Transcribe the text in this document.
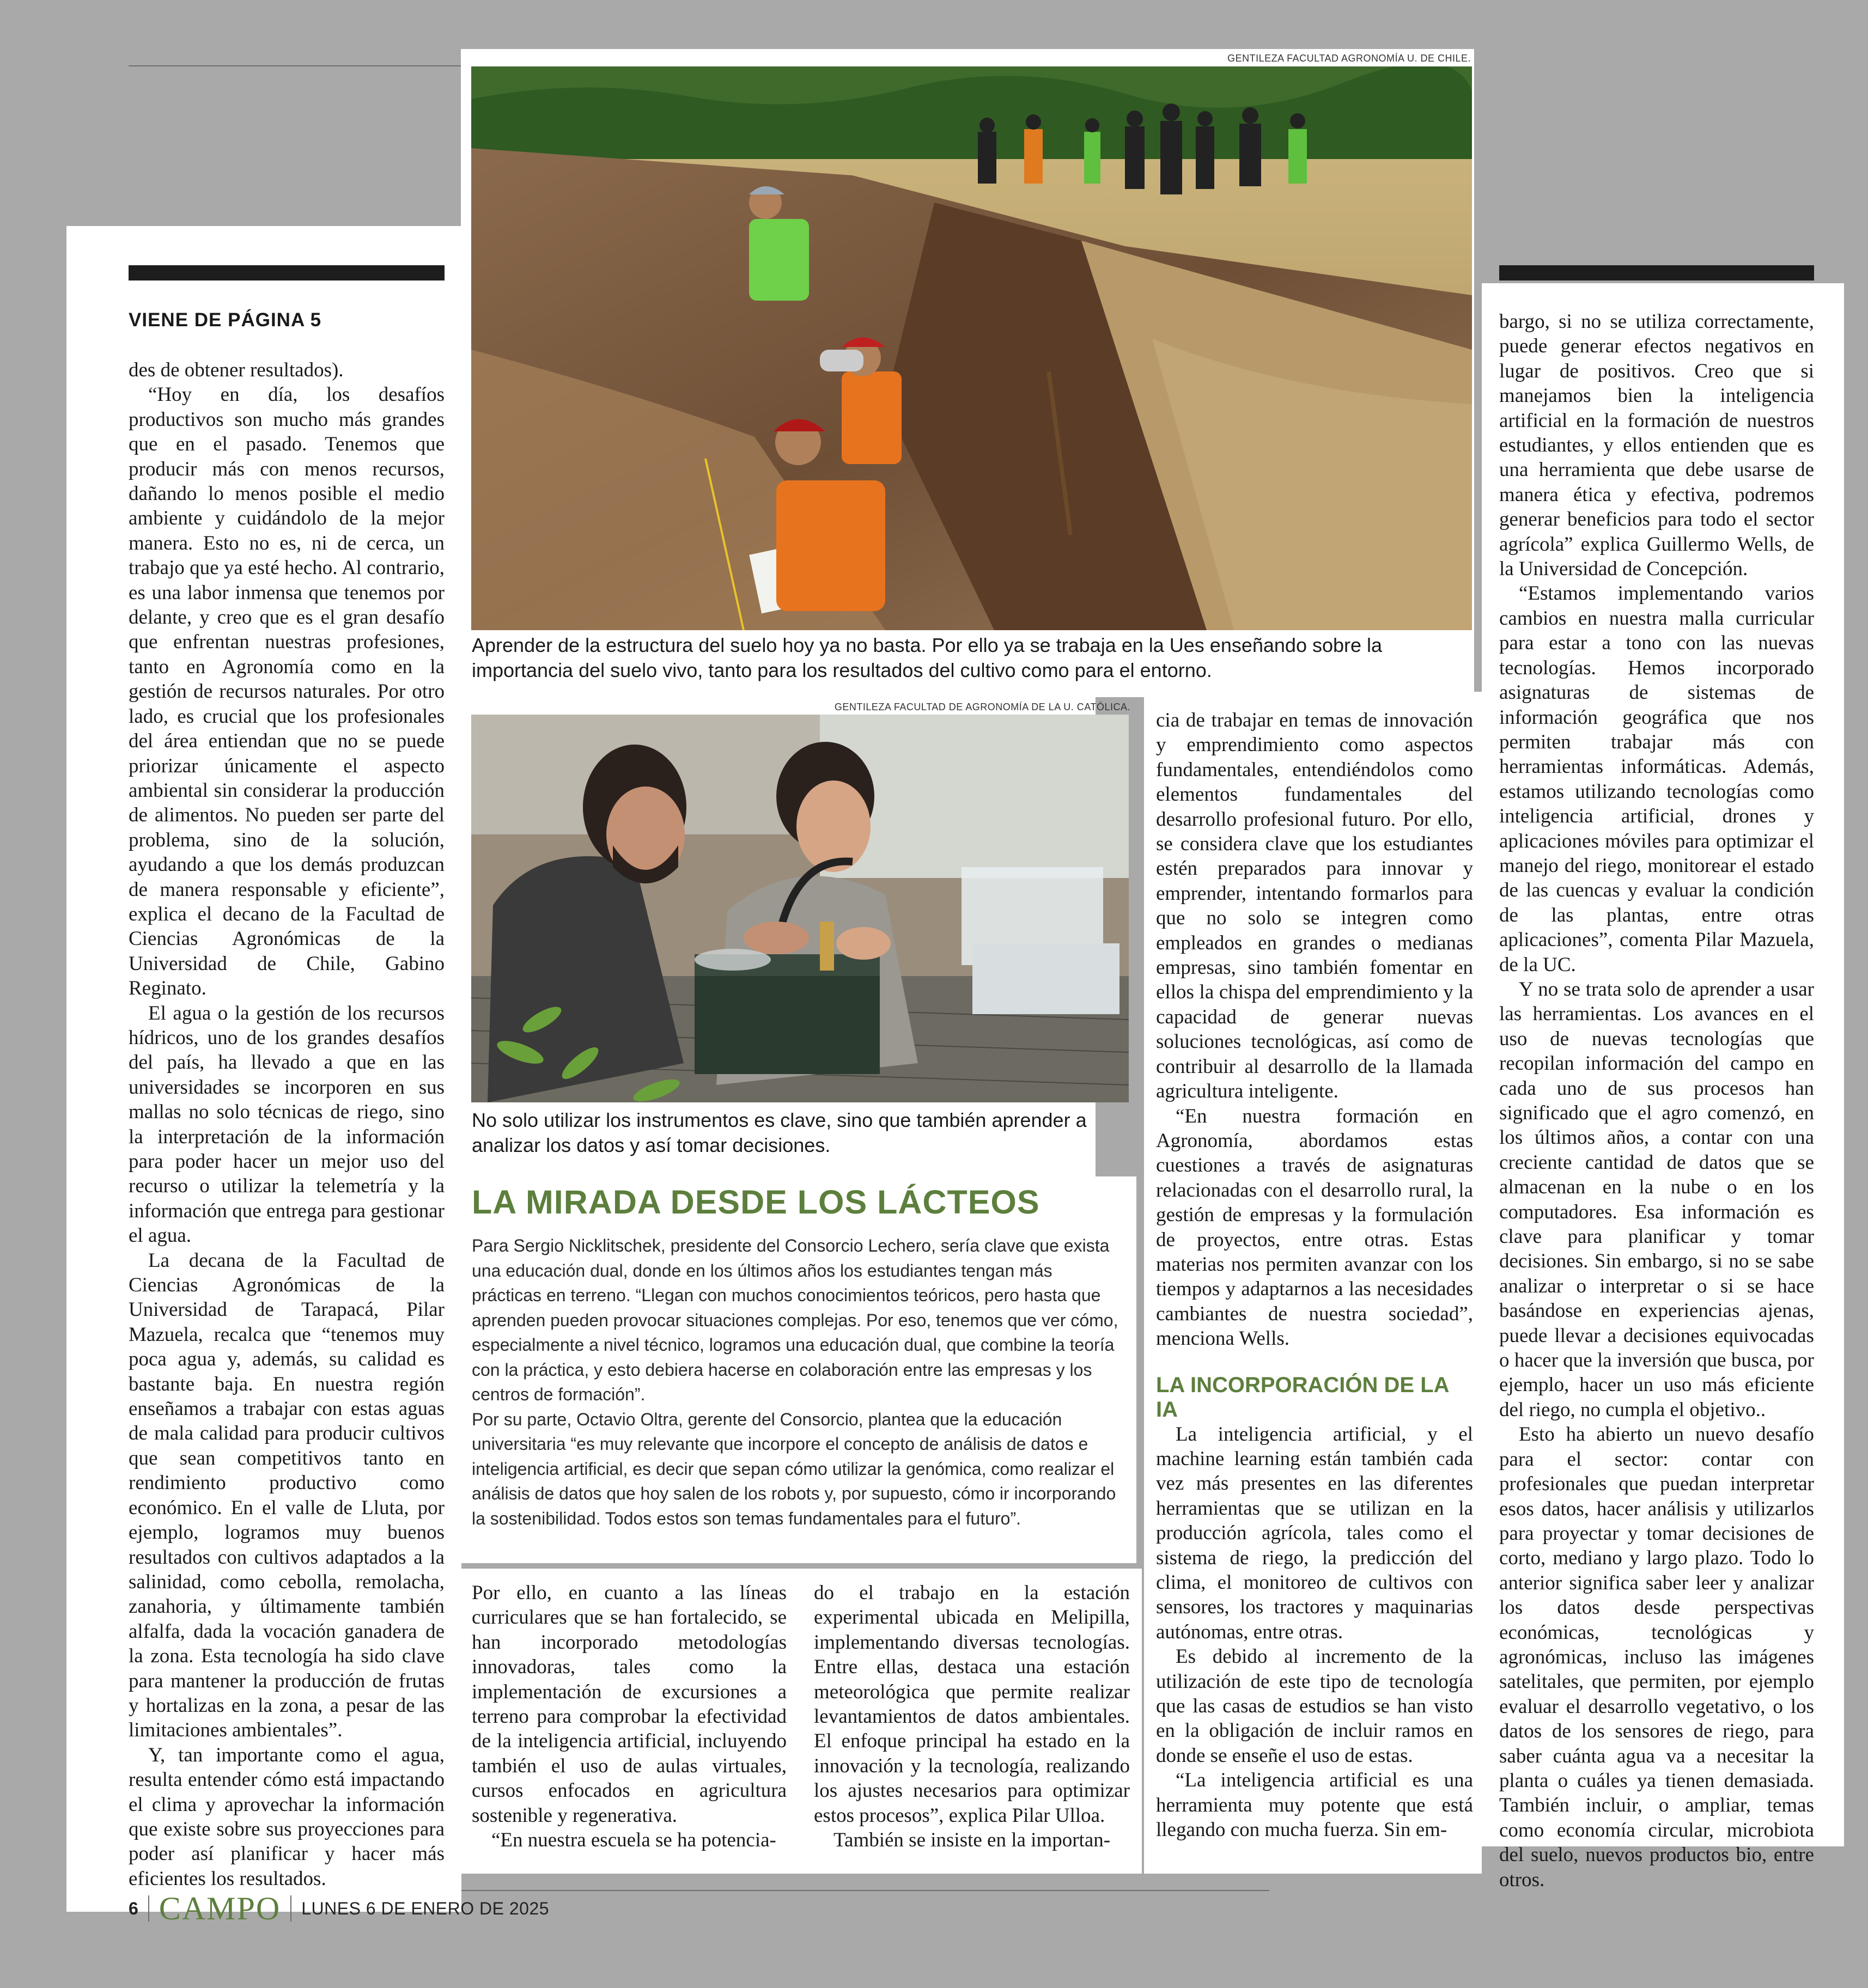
GENTILEZA FACULTAD AGRONOMÍA U. DE CHILE.
Aprender de la estructura del suelo hoy ya no basta. Por ello ya se trabaja en la Ues enseñando sobre la importancia del suelo vivo, tanto para los resultados del cultivo como para el entorno.
GENTILEZA FACULTAD DE AGRONOMÍA DE LA U. CATÓLICA.
No solo utilizar los instrumentos es clave, sino que también aprender a analizar los datos y así tomar decisiones.
VIENE DE PÁGINA 5

des de obtener resultados).

“Hoy en día, los desafíos productivos son mucho más grandes que en el pasado. Tenemos que producir más con menos recursos, dañando lo menos posible el medio ambiente y cuidándolo de la mejor manera. Esto no es, ni de cerca, un trabajo que ya esté hecho. Al contrario, es una labor inmensa que tenemos por delante, y creo que es el gran desafío que enfrentan nuestras profesiones, tanto en Agronomía como en la gestión de recursos naturales. Por otro lado, es crucial que los profesionales del área entiendan que no se puede priorizar únicamente el aspecto ambiental sin considerar la producción de alimentos. No pueden ser parte del problema, sino de la solución, ayudando a que los demás produzcan de manera responsable y eficiente”, explica el decano de la Facultad de Ciencias Agronómicas de la Universidad de Chile, Gabino Reginato.

El agua o la gestión de los recursos hídricos, uno de los grandes desafíos del país, ha llevado a que en las universidades se incorporen en sus mallas no solo técnicas de riego, sino la interpretación de la información para poder hacer un mejor uso del recurso o utilizar la telemetría y la información que entrega para gestionar el agua.

La decana de la Facultad de Ciencias Agronómicas de la Universidad de Tarapacá, Pilar Mazuela, recalca que “tenemos muy poca agua y, además, su calidad es bastante baja. En nuestra región enseñamos a trabajar con estas aguas de mala calidad para producir cultivos que sean competitivos tanto en rendimiento productivo como económico. En el valle de Lluta, por ejemplo, logramos muy buenos resultados con cultivos adaptados a la salinidad, como cebolla, remolacha, zanahoria, y últimamente también alfalfa, dada la vocación ganadera de la zona. Esta tecnología ha sido clave para mantener la producción de frutas y hortalizas en la zona, a pesar de las limitaciones ambientales”.

Y, tan importante como el agua, resulta entender cómo está impactando el clima y aprovechar la información que existe sobre sus proyecciones para poder así planificar y hacer más eficientes los resultados.

LA MIRADA DESDE LOS LÁCTEOS

Para Sergio Nicklitschek, presidente del Consorcio Lechero, sería clave que exista una educación dual, donde en los últimos años los estudiantes tengan más prácticas en terreno. “Llegan con muchos conocimientos teóricos, pero hasta que aprenden pueden provocar situaciones complejas. Por eso, tenemos que ver cómo, especialmente a nivel técnico, logramos una educación dual, que combine la teoría con la práctica, y esto debiera hacerse en colaboración entre las empresas y los centros de formación”.

Por su parte, Octavio Oltra, gerente del Consorcio, plantea que la educación universitaria “es muy relevante que incorpore el concepto de análisis de datos e inteligencia artificial, es decir que sepan cómo utilizar la genómica, como realizar el análisis de datos que hoy salen de los robots y, por supuesto, cómo ir incorporando la sostenibilidad. Todos estos son temas fundamentales para el futuro”.

Por ello, en cuanto a las líneas curriculares que se han fortalecido, se han incorporado metodologías innovadoras, tales como la implementación de excursiones a terreno para comprobar la efectividad de la inteligencia artificial, incluyendo también el uso de aulas virtuales, cursos enfocados en agricultura sostenible y regenerativa.

“En nuestra escuela se ha potencia-

do el trabajo en la estación experimental ubicada en Melipilla, implementando diversas tecnologías. Entre ellas, destaca una estación meteorológica que permite realizar levantamientos de datos ambientales. El enfoque principal ha estado en la innovación y la tecnología, realizando los ajustes necesarios para optimizar estos procesos”, explica Pilar Ulloa.

También se insiste en la importan-

cia de trabajar en temas de innovación y emprendimiento como aspectos fundamentales, entendiéndolos como elementos fundamentales del desarrollo profesional futuro. Por ello, se considera clave que los estudiantes estén preparados para innovar y emprender, intentando formarlos para que no solo se integren como empleados en grandes o medianas empresas, sino también fomentar en ellos la chispa del emprendimiento y la capacidad de generar nuevas soluciones tecnológicas, así como de contribuir al desarrollo de la llamada agricultura inteligente.

“En nuestra formación en Agronomía, abordamos estas cuestiones a través de asignaturas relacionadas con el desarrollo rural, la gestión de empresas y la formulación de proyectos, entre otras. Estas materias nos permiten avanzar con los tiempos y adaptarnos a las necesidades cambiantes de nuestra sociedad”, menciona Wells.

LA INCORPORACIÓN DE LA IA

La inteligencia artificial, y el machine learning están también cada vez más presentes en las diferentes herramientas que se utilizan en la producción agrícola, tales como el sistema de riego, la predicción del clima, el monitoreo de cultivos con sensores, los tractores y maquinarias autónomas, entre otras.

Es debido al incremento de la utilización de este tipo de tecnología que las casas de estudios se han visto en la obligación de incluir ramos en donde se enseñe el uso de estas.

“La inteligencia artificial es una herramienta muy potente que está llegando con mucha fuerza. Sin em-

bargo, si no se utiliza correctamente, puede generar efectos negativos en lugar de positivos. Creo que si manejamos bien la inteligencia artificial en la formación de nuestros estudiantes, y ellos entienden que es una herramienta que debe usarse de manera ética y efectiva, podremos generar beneficios para todo el sector agrícola” explica Guillermo Wells, de la Universidad de Concepción.

“Estamos implementando varios cambios en nuestra malla curricular para estar a tono con las nuevas tecnologías. Hemos incorporado asignaturas de sistemas de información geográfica que nos permiten trabajar más con herramientas informáticas. Además, estamos utilizando tecnologías como inteligencia artificial, drones y aplicaciones móviles para optimizar el manejo del riego, monitorear el estado de las cuencas y evaluar la condición de las plantas, entre otras aplicaciones”, comenta Pilar Mazuela, de la UC.

Y no se trata solo de aprender a usar las herramientas. Los avances en el uso de nuevas tecnologías que recopilan información del campo en cada uno de sus procesos han significado que el agro comenzó, en los últimos años, a contar con una creciente cantidad de datos que se almacenan en la nube o en los computadores. Esa información es clave para planificar y tomar decisiones. Sin embargo, si no se sabe analizar o interpretar o si se hace basándose en experiencias ajenas, puede llevar a decisiones equivocadas o hacer que la inversión que busca, por ejemplo, hacer un uso más eficiente del riego, no cumpla el objetivo..

Esto ha abierto un nuevo desafío para el sector: contar con profesionales que puedan interpretar esos datos, hacer análisis y utilizarlos para proyectar y tomar decisiones de corto, mediano y largo plazo. Todo lo anterior significa saber leer y analizar los datos desde perspectivas económicas, tecnológicas y agronómicas, incluso las imágenes satelitales, que permiten, por ejemplo evaluar el desarrollo vegetativo, o los datos de los sensores de riego, para saber cuánta agua va a necesitar la planta o cuáles ya tienen demasiada. También incluir, o ampliar, temas como economía circular, microbiota del suelo, nuevos productos bio, entre otros.

6 CAMPO LUNES 6 DE ENERO DE 2025
